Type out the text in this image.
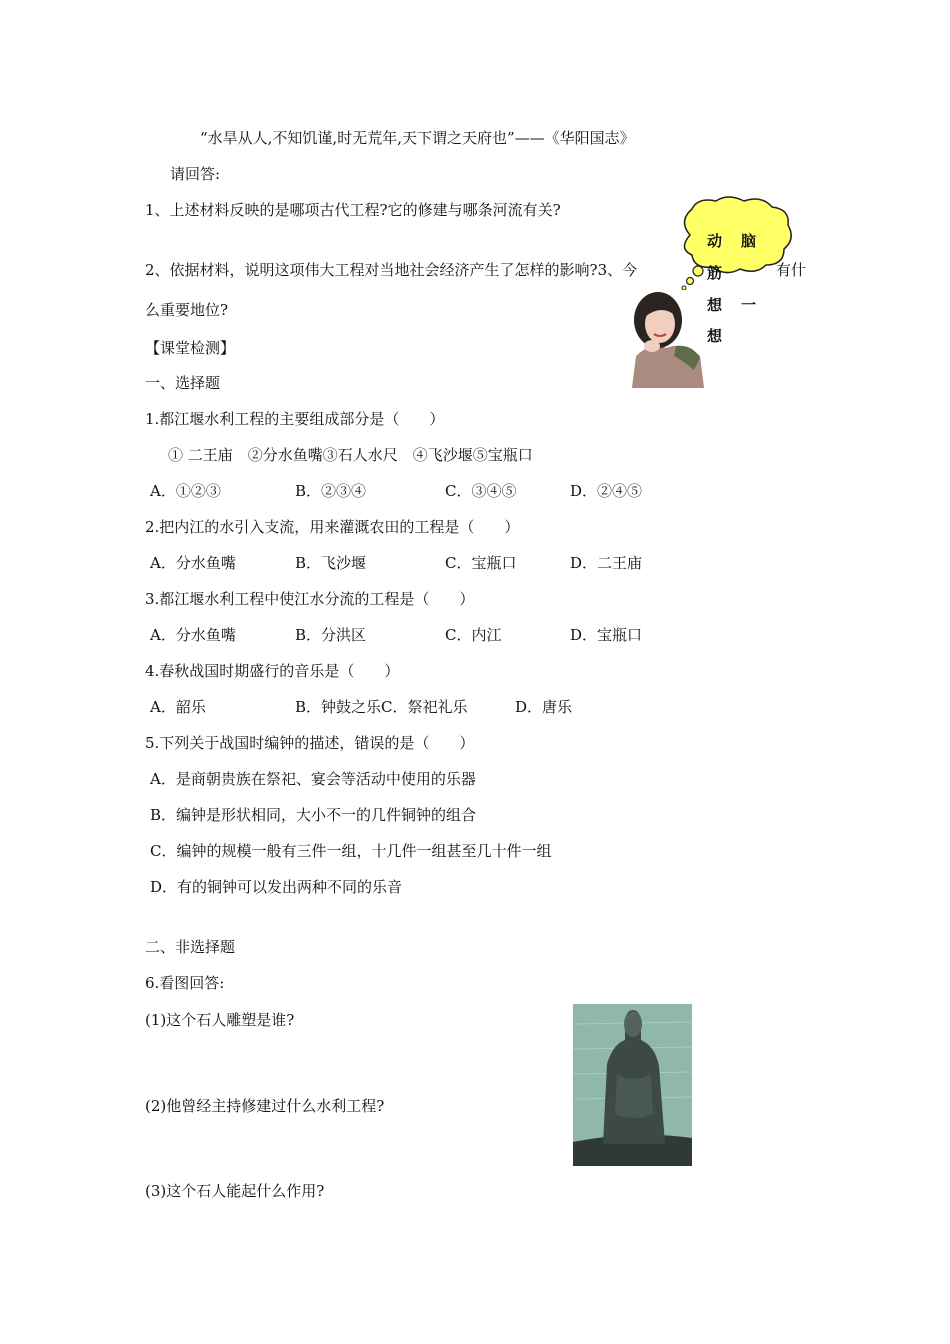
“水旱从人,不知饥谨,时无荒年,天下谓之天府也”——《华阳国志》
请回答:
1、上述材料反映的是哪项古代工程?它的修建与哪条河流有关?
2、依据材料，说明这项伟大工程对当地社会经济产生了怎样的影响?3、今	有什
么重要地位?
动 脑
筋
想 一
想
【课堂检测】
一、选择题
1.都江堰水利工程的主要组成部分是（　　）
① 二王庙　②分水鱼嘴③石人水尺　④飞沙堰⑤宝瓶口
A．①②③	B．②③④	C．③④⑤	D．②④⑤
2.把内江的水引入支流，用来灌溉农田的工程是（　　）
A．分水鱼嘴	B．飞沙堰	C．宝瓶口	D．二王庙
3.都江堰水利工程中使江水分流的工程是（　　）
A．分水鱼嘴	B．分洪区	C．内江	D．宝瓶口
4.春秋战国时期盛行的音乐是（　　）
A．韶乐	B．钟鼓之乐C．祭祀礼乐	D．唐乐
5.下列关于战国时编钟的描述，错误的是（　　）
A．是商朝贵族在祭祀、宴会等活动中使用的乐器
B．编钟是形状相同，大小不一的几件铜钟的组合
C．编钟的规模一般有三件一组，十几件一组甚至几十件一组
D．有的铜钟可以发出两种不同的乐音
二、非选择题
6.看图回答:
(1)这个石人雕塑是谁?
(2)他曾经主持修建过什么水利工程?
(3)这个石人能起什么作用?
